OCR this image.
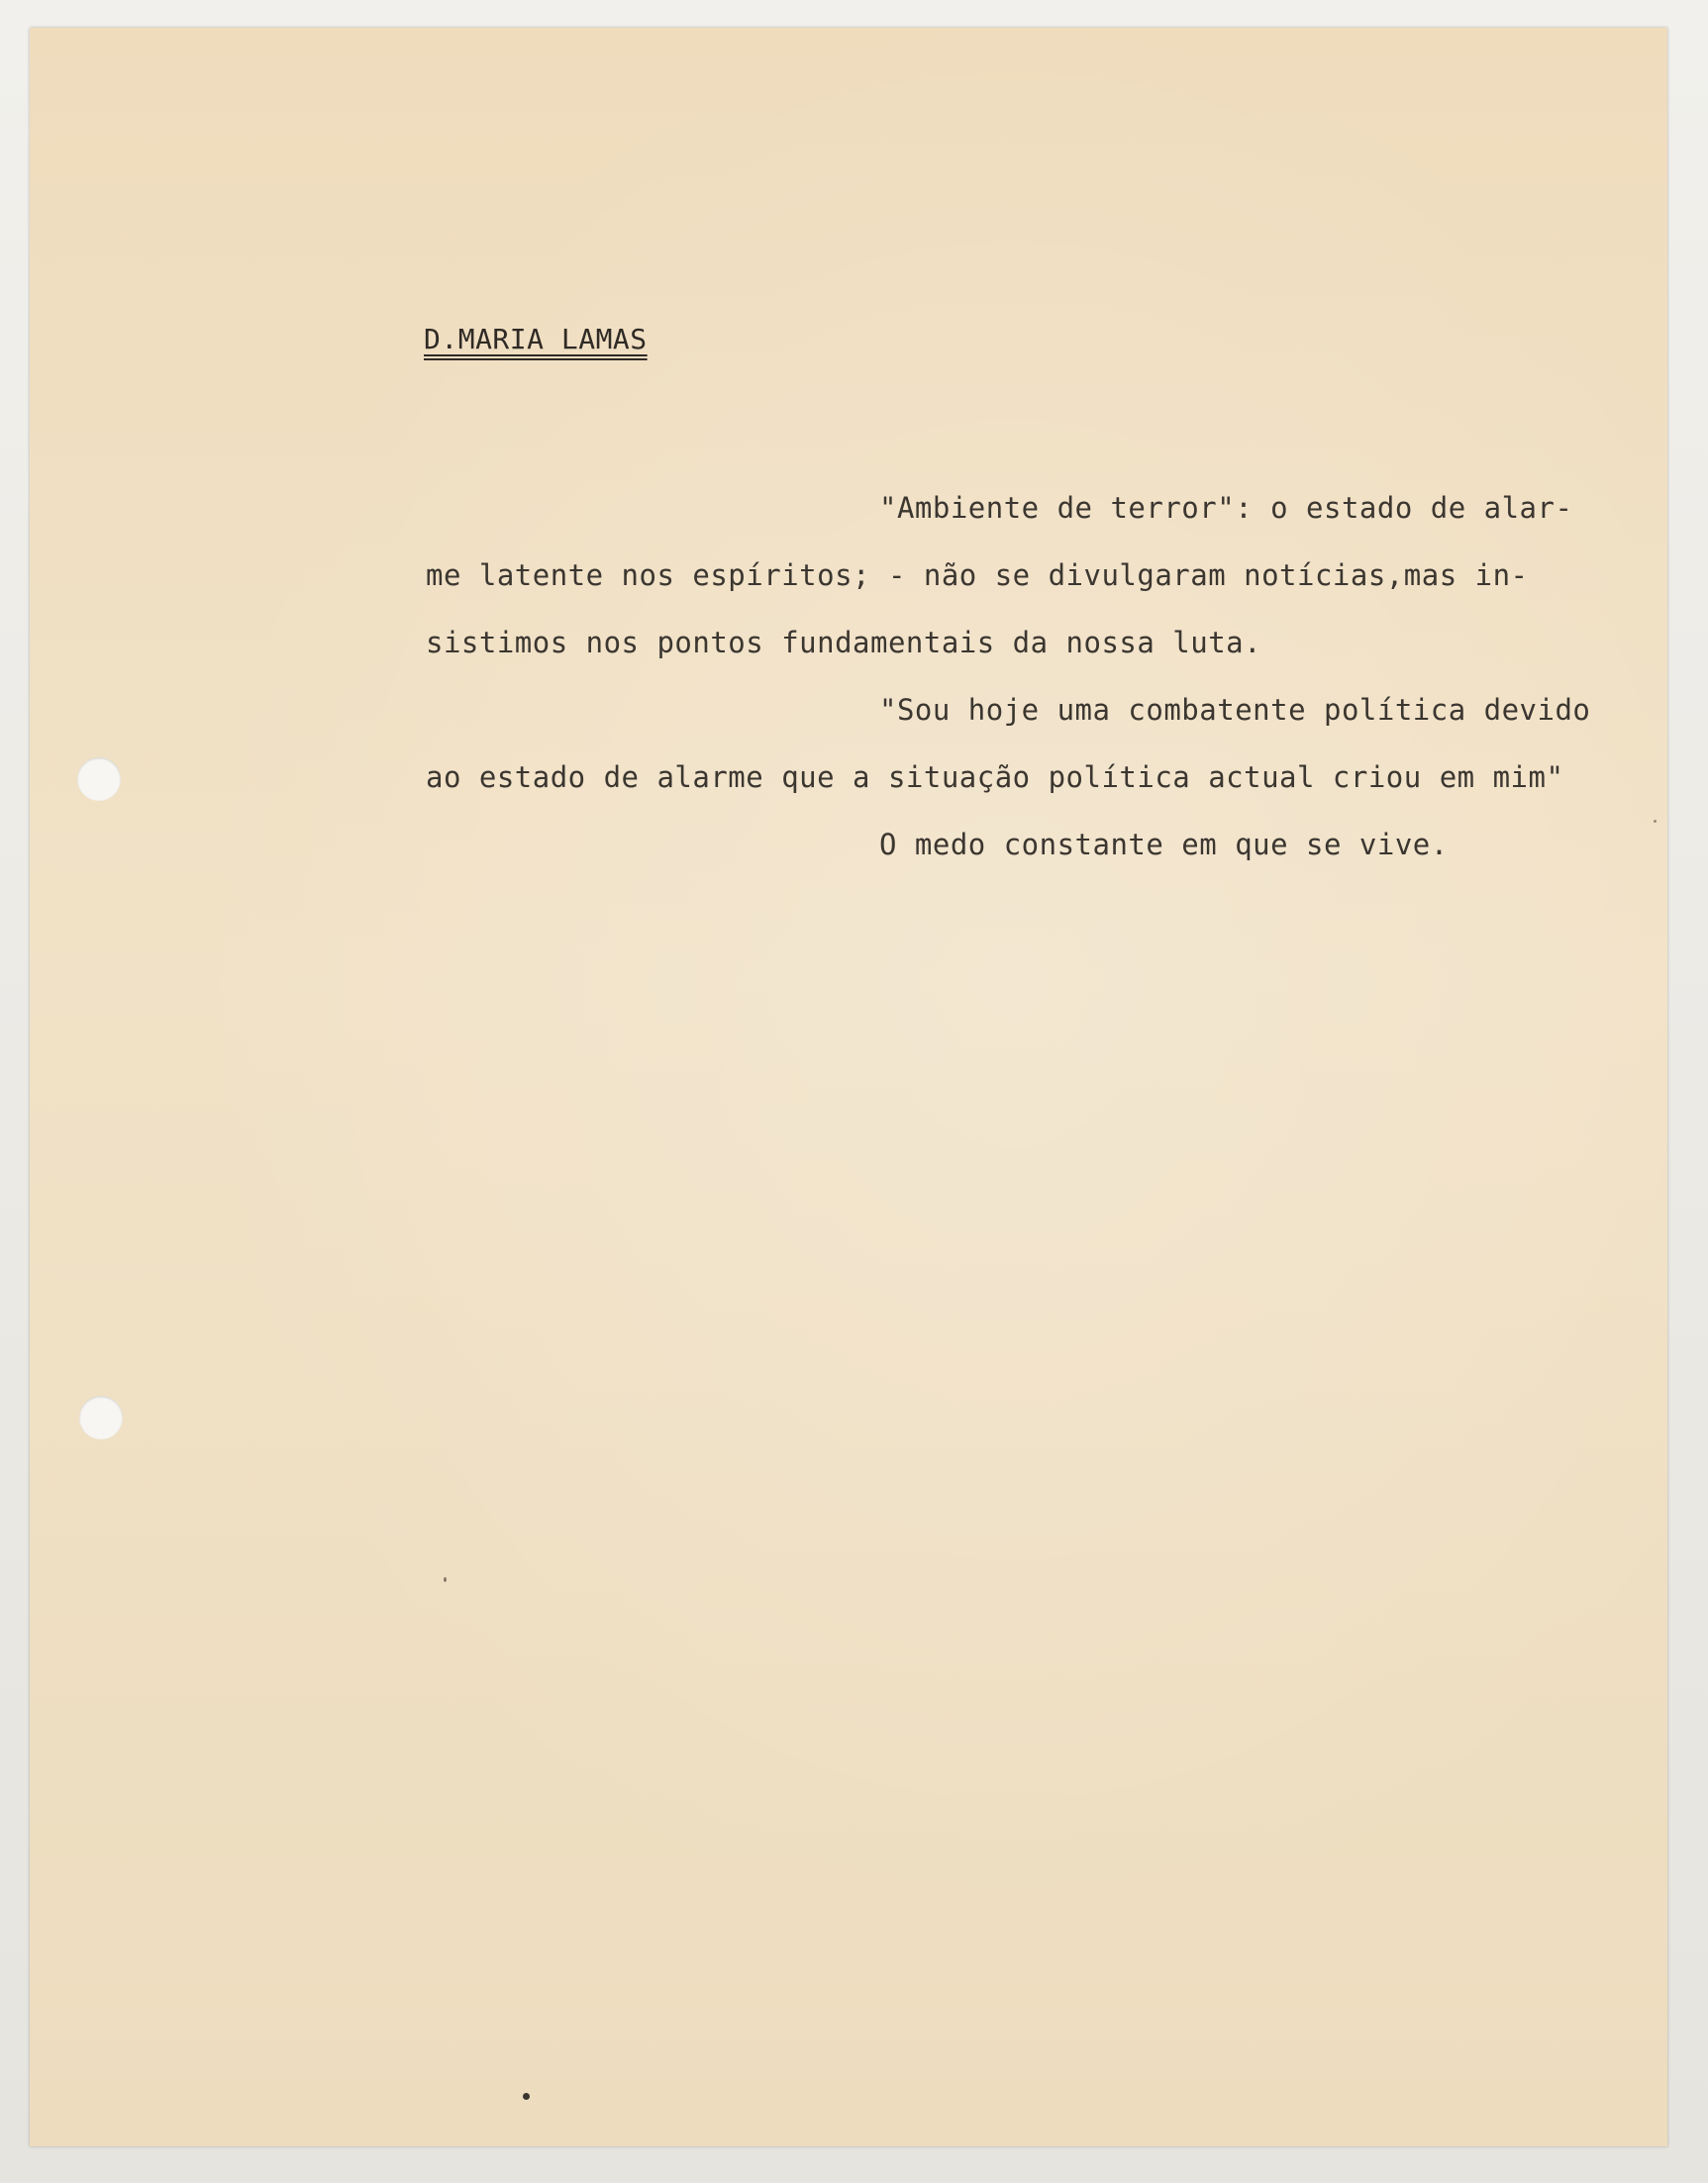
D.MARIA LAMAS
"Ambiente de terror": o estado de alar-
me latente nos espíritos; - não se divulgaram notícias,mas in-
sistimos nos pontos fundamentais da nossa luta.
"Sou hoje uma combatente política devido
ao estado de alarme que a situação política actual criou em mim"
O medo constante em que se vive.
